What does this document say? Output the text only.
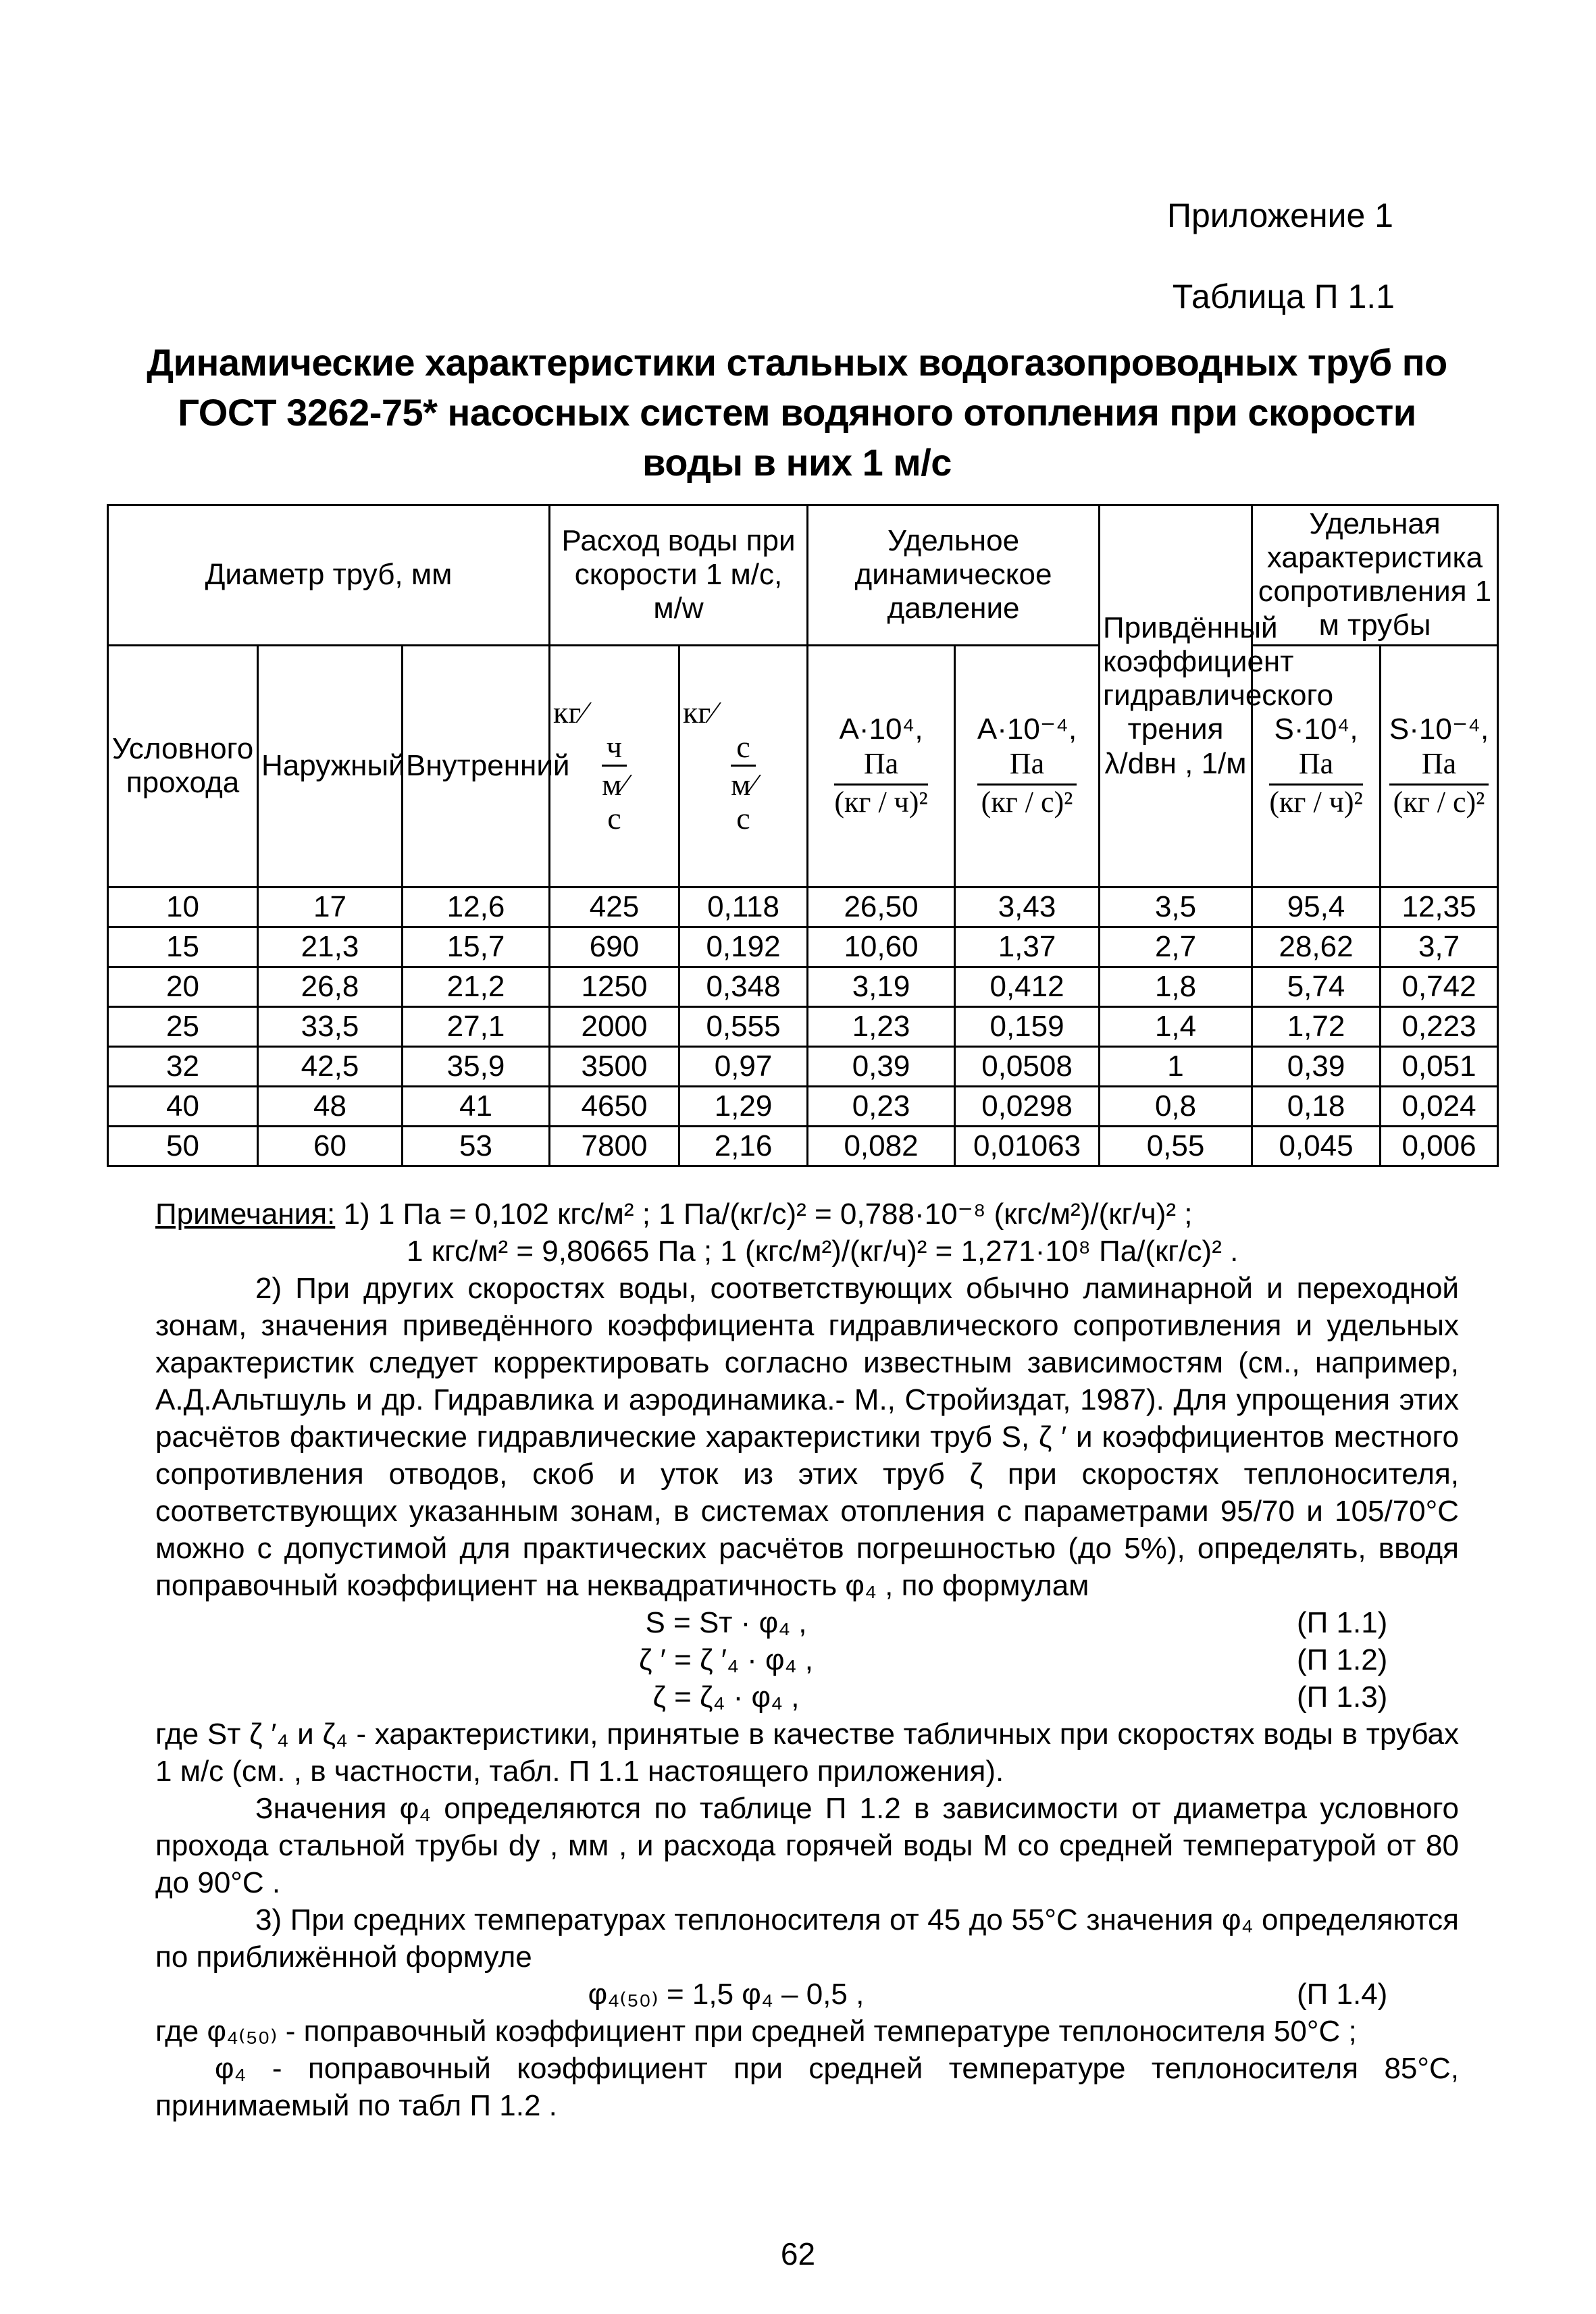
Приложение 1
Таблица П 1.1
Динамические характеристики стальных водогазопроводных труб по
ГОСТ 3262-75* насосных систем водяного отопления при скорости
воды в них 1 м/с
Диаметр труб, мм			Расход воды при скорости 1 м/с, м/w		Удельное динамическое давление		Привдённый коэффициент гидравлического трения λ/dвн , 1/м	Удельная характеристика сопротивления 1 м трубы	
Условного прохода	Наружный	Внутренний	кг⁄
ч
м⁄
с	кг⁄
с
м⁄
с	A·10⁴,
Па
(кг / ч)²	A·10⁻⁴,
Па
(кг / с)²		S·10⁴,
Па
(кг / ч)²	S·10⁻⁴,
Па
(кг / с)²

10	17	12,6	425	0,118	26,50	3,43	3,5	95,4	12,35
15	21,3	15,7	690	0,192	10,60	1,37	2,7	28,62	3,7
20	26,8	21,2	1250	0,348	3,19	0,412	1,8	5,74	0,742
25	33,5	27,1	2000	0,555	1,23	0,159	1,4	1,72	0,223
32	42,5	35,9	3500	0,97	0,39	0,0508	1	0,39	0,051
40	48	41	4650	1,29	0,23	0,0298	0,8	0,18	0,024
50	60	53	7800	2,16	0,082	0,01063	0,55	0,045	0,006

Примечания: 1) 1 Па = 0,102 кгс/м² ; 1 Па/(кг/с)² = 0,788·10⁻⁸ (кгс/м²)/(кг/ч)² ;

1 кгс/м² = 9,80665 Па ; 1 (кгс/м²)/(кг/ч)² = 1,271·10⁸ Па/(кг/с)² .

2) При других скоростях воды, соответствующих обычно ламинарной и переходной зонам, значения приведённого коэффициента гидравлического сопротивления и удельных характеристик следует корректировать согласно известным зависимостям (см., например, А.Д.Альтшуль и др. Гидравлика и аэродинамика.- М., Стройиздат, 1987). Для упрощения этих расчётов фактические гидравлические характеристики труб S, ζ ′ и коэффициентов местного сопротивления отводов, скоб и уток из этих труб ζ при скоростях теплоносителя, соответствующих указанным зонам, в системах отопления с параметрами 95/70 и 105/70°С можно с допустимой для практических расчётов погрешностью (до 5%), определять, вводя поправочный коэффициент на неквадратичность φ₄ , по формулам

S = Sт · φ₄ ,	(П 1.1)
ζ ′ = ζ ′₄ · φ₄ ,	(П 1.2)
ζ = ζ₄ · φ₄ ,	(П 1.3)

где Sт ζ ′₄ и ζ₄ - характеристики, принятые в качестве табличных при скоростях воды в трубах 1 м/с (см. , в частности, табл. П 1.1 настоящего приложения).

Значения φ₄ определяются по таблице П 1.2 в зависимости от диаметра условного прохода стальной трубы dу , мм , и расхода горячей воды М со средней температурой от 80 до 90°С .

3) При средних температурах теплоносителя от 45 до 55°С значения φ₄ определяются по приближённой формуле

φ₄₍₅₀₎ = 1,5 φ₄ – 0,5 ,	(П 1.4)

где φ₄₍₅₀₎ - поправочный коэффициент при средней температуре теплоносителя 50°С ;

φ₄ - поправочный коэффициент при средней температуре теплоносителя 85°С, принимаемый по табл П 1.2 .

62
